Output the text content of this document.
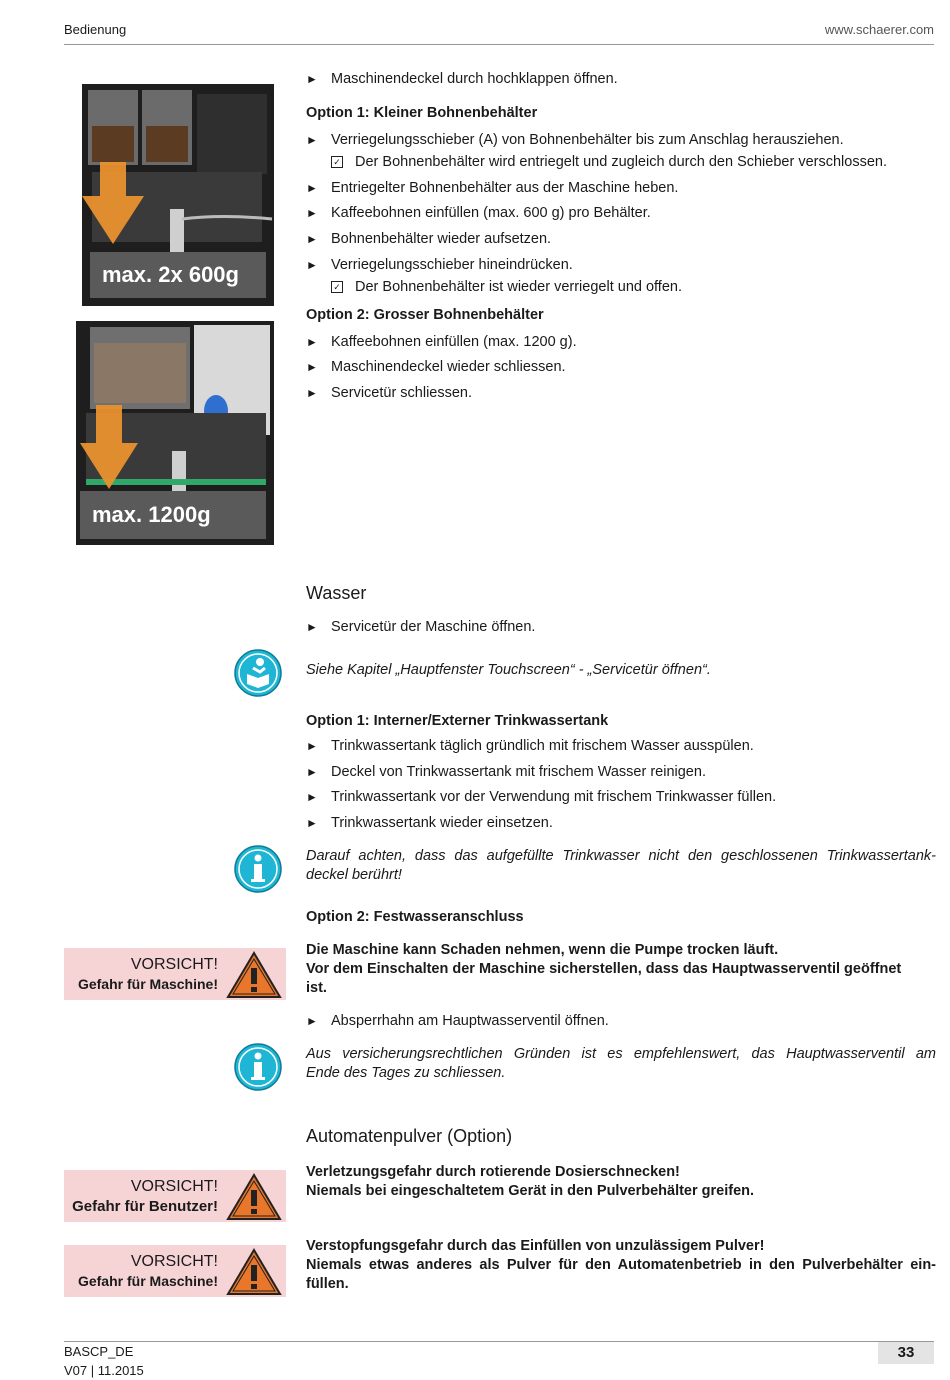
Bedienung	www.schaerer.com
max. 2x 600g
max. 1200g
► Maschinendeckel durch hochklappen öffnen.
Option 1: Kleiner Bohnenbehälter
► Verriegelungsschieber (A) von Bohnenbehälter bis zum Anschlag herausziehen.
✓ Der Bohnenbehälter wird entriegelt und zugleich durch den Schieber verschlossen.
► Entriegelter Bohnenbehälter aus der Maschine heben.
► Kaffeebohnen einfüllen (max. 600 g) pro Behälter.
► Bohnenbehälter wieder aufsetzen.
► Verriegelungsschieber hineindrücken.
✓ Der Bohnenbehälter ist wieder verriegelt und offen.
Option 2: Grosser Bohnenbehälter
► Kaffeebohnen einfüllen (max. 1200 g).
► Maschinendeckel wieder schliessen.
► Servicetür schliessen.
Wasser
► Servicetür der Maschine öffnen.
Siehe Kapitel „Hauptfenster Touchscreen“ - „Servicetür öffnen“.
Option 1: Interner/Externer Trinkwassertank
► Trinkwassertank täglich gründlich mit frischem Wasser ausspülen.
► Deckel von Trinkwassertank mit frischem Wasser reinigen.
► Trinkwassertank vor der Verwendung mit frischem Trinkwasser füllen.
► Trinkwassertank wieder einsetzen.
Darauf achten, dass das aufgefüllte Trinkwasser nicht den geschlossenen Trinkwassertank-
deckel berührt!
Option 2: Festwasseranschluss
VORSICHT!
Gefahr für Maschine!
Die Maschine kann Schaden nehmen, wenn die Pumpe trocken läuft.
Vor dem Einschalten der Maschine sicherstellen, dass das Hauptwasserventil geöffnet
ist.
► Absperrhahn am Hauptwasserventil öffnen.
Aus versicherungsrechtlichen Gründen ist es empfehlenswert, das Hauptwasserventil am
Ende des Tages zu schliessen.
Automatenpulver (Option)
VORSICHT!
Gefahr für Benutzer!
Verletzungsgefahr durch rotierende Dosierschnecken!
Niemals bei eingeschaltetem Gerät in den Pulverbehälter greifen.
VORSICHT!
Gefahr für Maschine!
Verstopfungsgefahr durch das Einfüllen von unzulässigem Pulver!
Niemals etwas anderes als Pulver für den Automatenbetrieb in den Pulverbehälter ein-
füllen.
BASCP_DE
V07 | 11.2015
33
